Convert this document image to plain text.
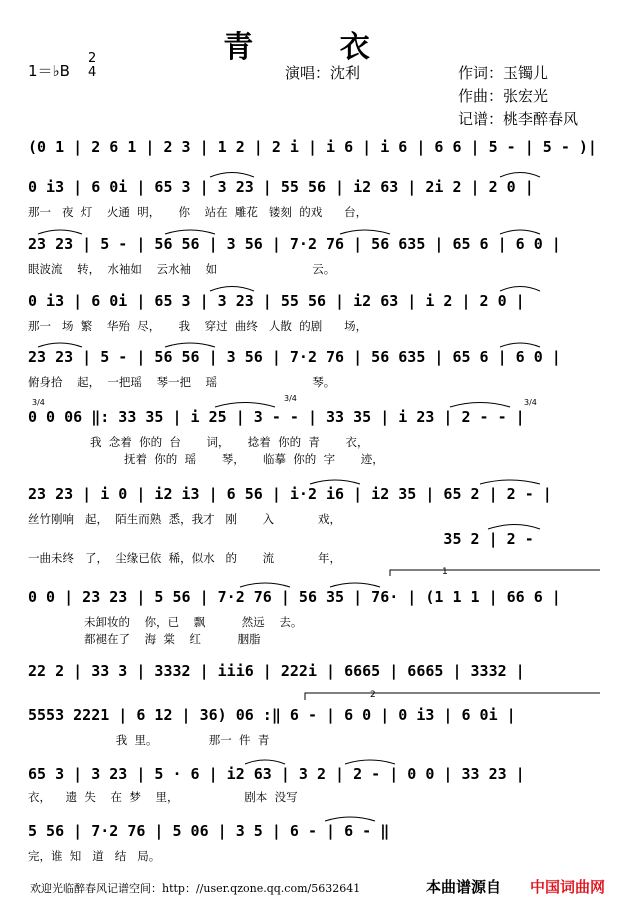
青 衣
1＝♭B
2
4	演唱：沈利	作词：玉镯儿
作曲：张宏光
记谱：桃李醉春风
(0 1 | 2 6 1 | 2 3 | 1 2 | 2 i | i 6 | i 6 | 6 6 | 5 - | 5 - )|
0 i3 | 6 0i | 65 3 | 3 23 | 55 56 | i2 63 | 2i 2 | 2 0 |
那一   夜  灯    火通  明，     你    站在  雕花   镂刻  的戏      台，
23 23 | 5 - | 56 56 | 3 56 | 7·2 76 | 56 635 | 65 6 | 6 0 |
眼波流    转，  水袖如    云水袖    如                          云。
0 i3 | 6 0i | 65 3 | 3 23 | 55 56 | i2 63 | i 2 | 2 0 |
那一   场  繁    华殆  尽，     我    穿过  曲终   人散  的剧      场，
23 23 | 5 - | 56 56 | 3 56 | 7·2 76 | 56 635 | 65 6 | 6 0 |
俯身拾    起，  一把瑶    琴一把    瑶                          琴。
3/4	3/4	3/4
0 0 06 ‖: 33 35 | i 25 | 3 - - | 33 35 | i 23 | 2 - - |
我  念着  你的  台       词，     捻着  你的  青       衣，
抚着  你的  瑶       琴，     临摹  你的  字       迹，
23 23 | i 0 | i2 i3 | 6 56 | i·2 i6 | i2 35 | 65 2 | 2 - |
丝竹刚响   起，  陌生而熟  悉，我才   刚       入            戏，
35 2 | 2 -
一曲未终   了，  尘缘已依  稀，似水   的       流            年，
0 0 | 23 23 | 5 56 | 7·2 76 | 56 35 | 76· | (1 1 1 | 66 6 |
未卸妆的    你，已    飘          然远    去。
都褪在了    海  棠    红          胭脂
22 2 | 33 3 | 3332 | iii6 | 222i | 6665 | 6665 | 3332 |
5553 2221 | 6 12 | 36) 06 :‖ 6 - | 6 0 | 0 i3 | 6 0i |
我  里。              那一  件  青
65 3 | 3 23 | 5 · 6 | i2 63 | 3 2 | 2 - | 0 0 | 33 23 |
衣，    遗  失    在  梦    里，                  剧本  没写
5 56 | 7·2 76 | 5 06 | 3 5 | 6 - | 6 - ‖
完，谁  知   道   结   局。
1
2
欢迎光临醉春风记谱空间：http：//user.qzone.qq.com/5632641	本曲谱源自 中国词曲网
